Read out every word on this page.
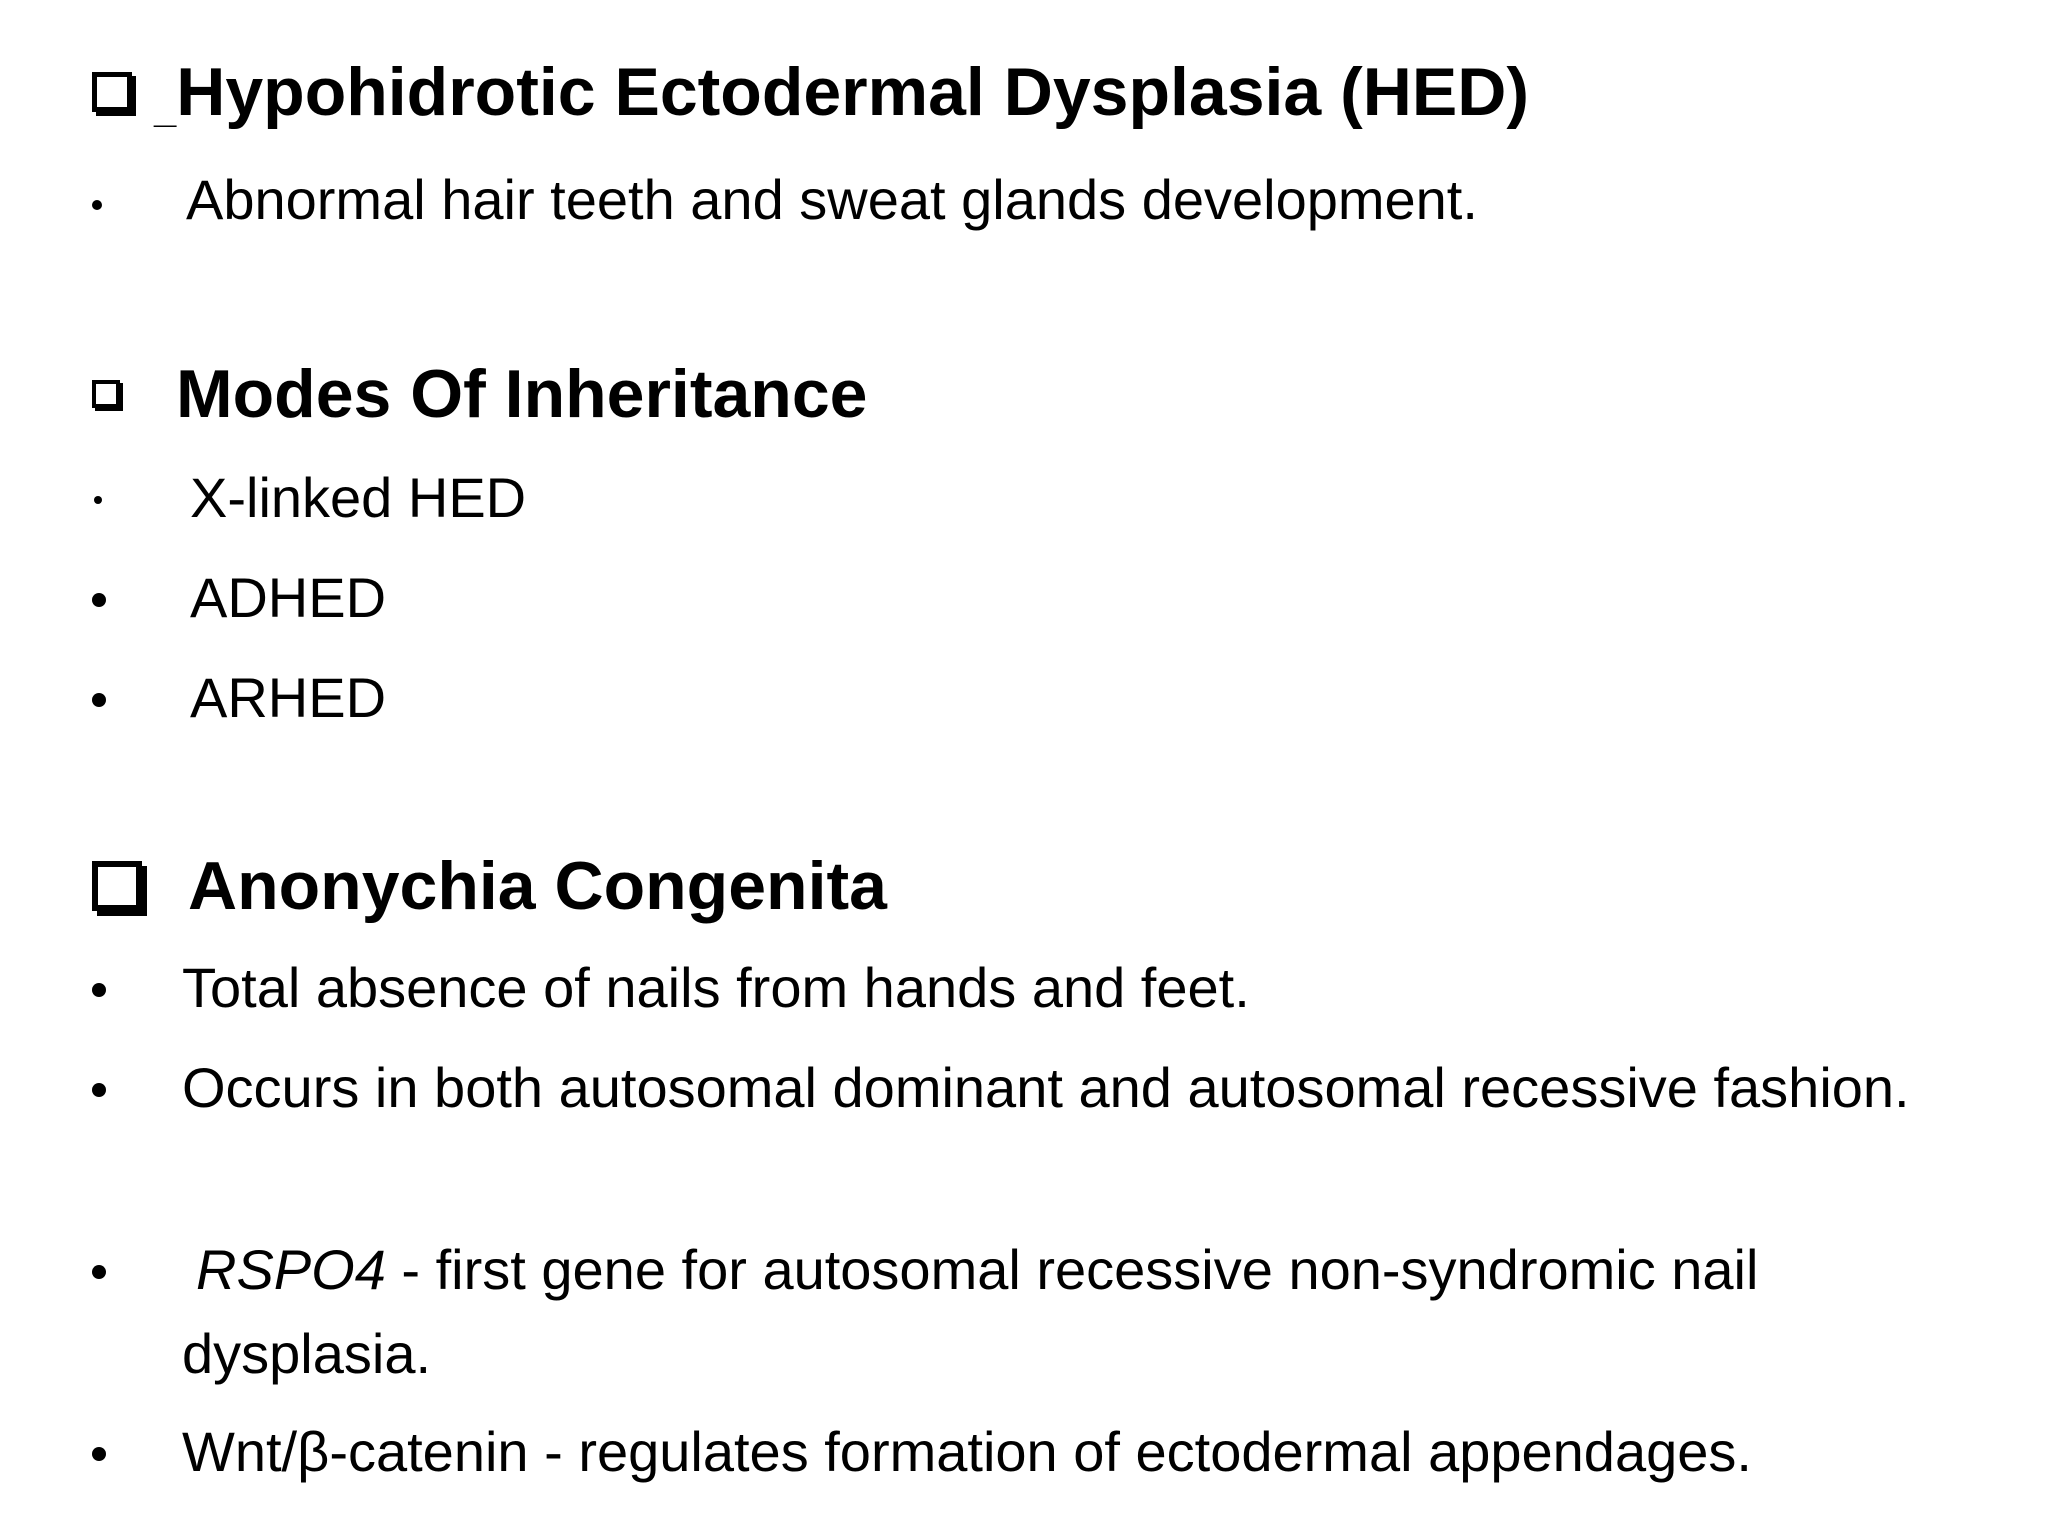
_ Hypohidrotic Ectodermal Dysplasia (HED)
Abnormal hair teeth and sweat glands development.
Modes Of Inheritance
X-linked HED
ADHED
ARHED
Anonychia Congenita
Total absence of nails from hands and feet.
Occurs in both autosomal dominant and autosomal recessive fashion.
RSPO4 - first gene for autosomal recessive non-syndromic nail dysplasia.
Wnt/β-catenin - regulates formation of ectodermal appendages.
